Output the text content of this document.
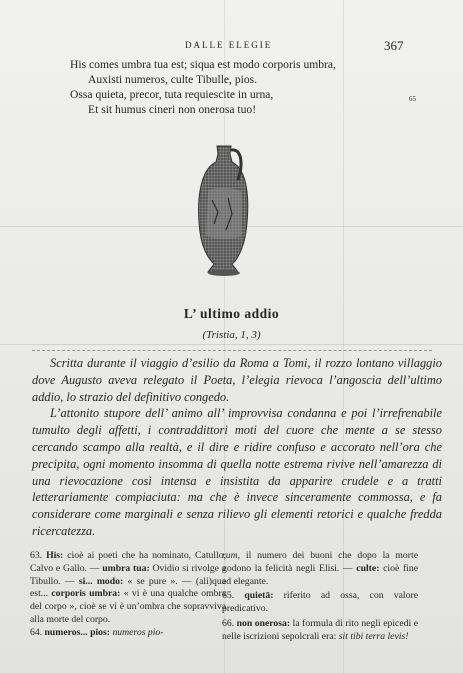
DALLE ELEGIE	367
His comes umbra tua est; siqua est modo corporis umbra,
Auxisti numeros, culte Tibulle, pios.
Ossa quieta, precor, tuta requiescite in urna,
Et sit humus cineri non onerosa tuo!
65
L’ ultimo addio
(Tristia, 1, 3)

Scritta durante il viaggio d’esilio da Roma a Tomi, il rozzo lontano villaggio dove Augusto aveva relegato il Poeta, l’elegia rievoca l’angoscia dell’ultimo addio, lo strazio del definitivo congedo.

L’attonito stupore dell’ animo all’ improvvisa condanna e poi l’irrefrenabile tumulto degli affetti, i contraddittori moti del cuore che mente a se stesso cercando scampo alla realtà, e il dire e ridire confuso e accorato nell’ora che precipita, ogni momento insomma di quella notte estrema rivive nell’amarezza di una rievocazione così intensa e insistita da apparire crudele e a tratti letterariamente compiaciuta: ma che è invece sinceramente commossa, e fa considerare come marginali e senza rilievo gli elementi retorici e qualche fredda ricercatezza.

63. His: cioè ai poeti che ha nominato, Catullo, Calvo e Gallo. — umbra tua: Ovidio si rivolge a Tibullo. — si... modo: « se pure ». — (ali)qua est... corporis umbra: « vi è una qualche ombra del corpo », cioè se vi è un’ombra che sopravviva alla morte del corpo.

64. numeros... pios: numeros pio-

rum, il numero dei buoni che dopo la morte godono la felicità negli Elisi. — culte: cioè fine ed elegante.

65. quietā: riferito ad ossa, con valore predicativo.

66. non onerosa: la formula di rito negli epicedi e nelle iscrizioni sepolcrali era: sit tibi terra levis!
